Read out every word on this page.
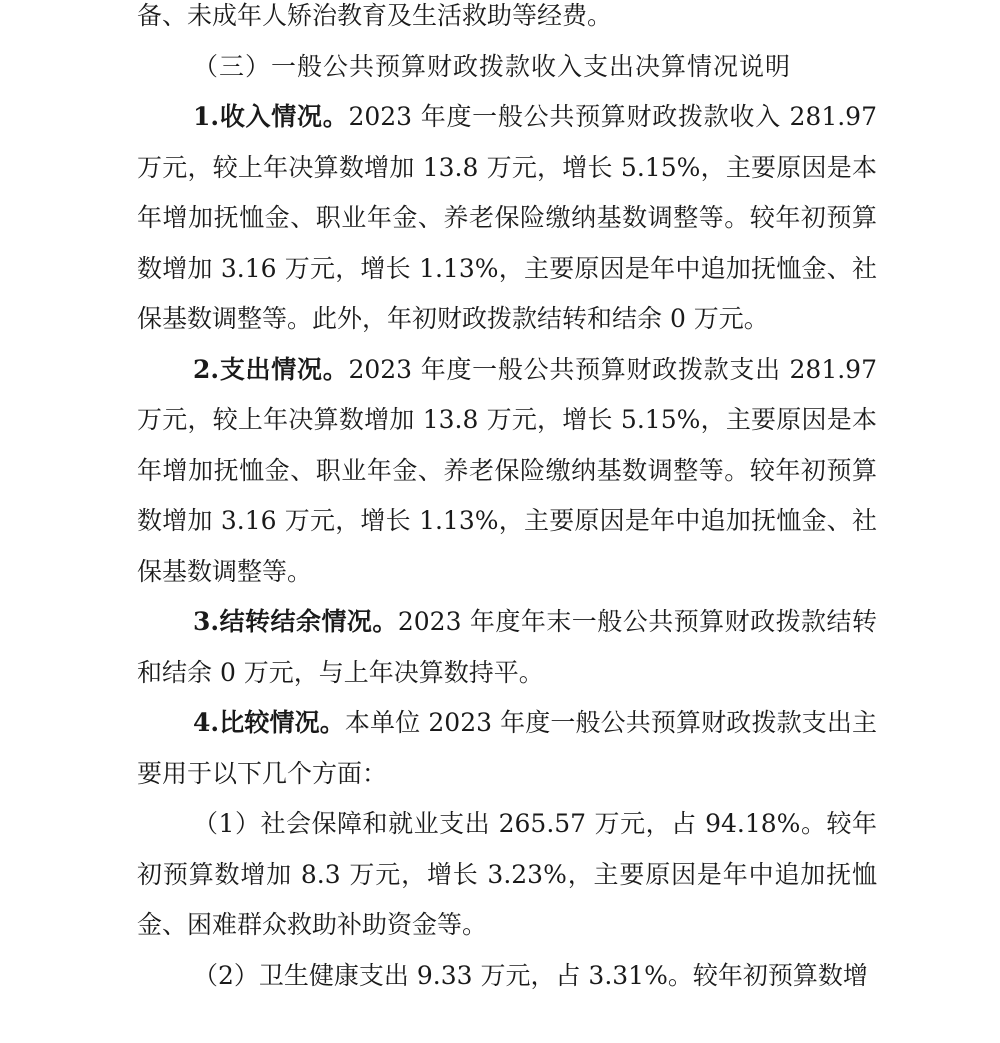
备、未成年人矫治教育及生活救助等经费。

（三）一般公共预算财政拨款收入支出决算情况说明

1.收入情况。2023 年度一般公共预算财政拨款收入 281.97 万元，较上年决算数增加 13.8 万元，增长 5.15%，主要原因是本年增加抚恤金、职业年金、养老保险缴纳基数调整等。较年初预算数增加 3.16 万元，增长 1.13%，主要原因是年中追加抚恤金、社保基数调整等。此外，年初财政拨款结转和结余 0 万元。

2.支出情况。2023 年度一般公共预算财政拨款支出 281.97 万元，较上年决算数增加 13.8 万元，增长 5.15%，主要原因是本年增加抚恤金、职业年金、养老保险缴纳基数调整等。较年初预算数增加 3.16 万元，增长 1.13%，主要原因是年中追加抚恤金、社保基数调整等。

3.结转结余情况。2023 年度年末一般公共预算财政拨款结转和结余 0 万元，与上年决算数持平。

4.比较情况。本单位 2023 年度一般公共预算财政拨款支出主要用于以下几个方面：

（1）社会保障和就业支出 265.57 万元，占 94.18%。较年初预算数增加 8.3 万元，增长 3.23%，主要原因是年中追加抚恤金、困难群众救助补助资金等。

（2）卫生健康支出 9.33 万元，占 3.31%。较年初预算数增
